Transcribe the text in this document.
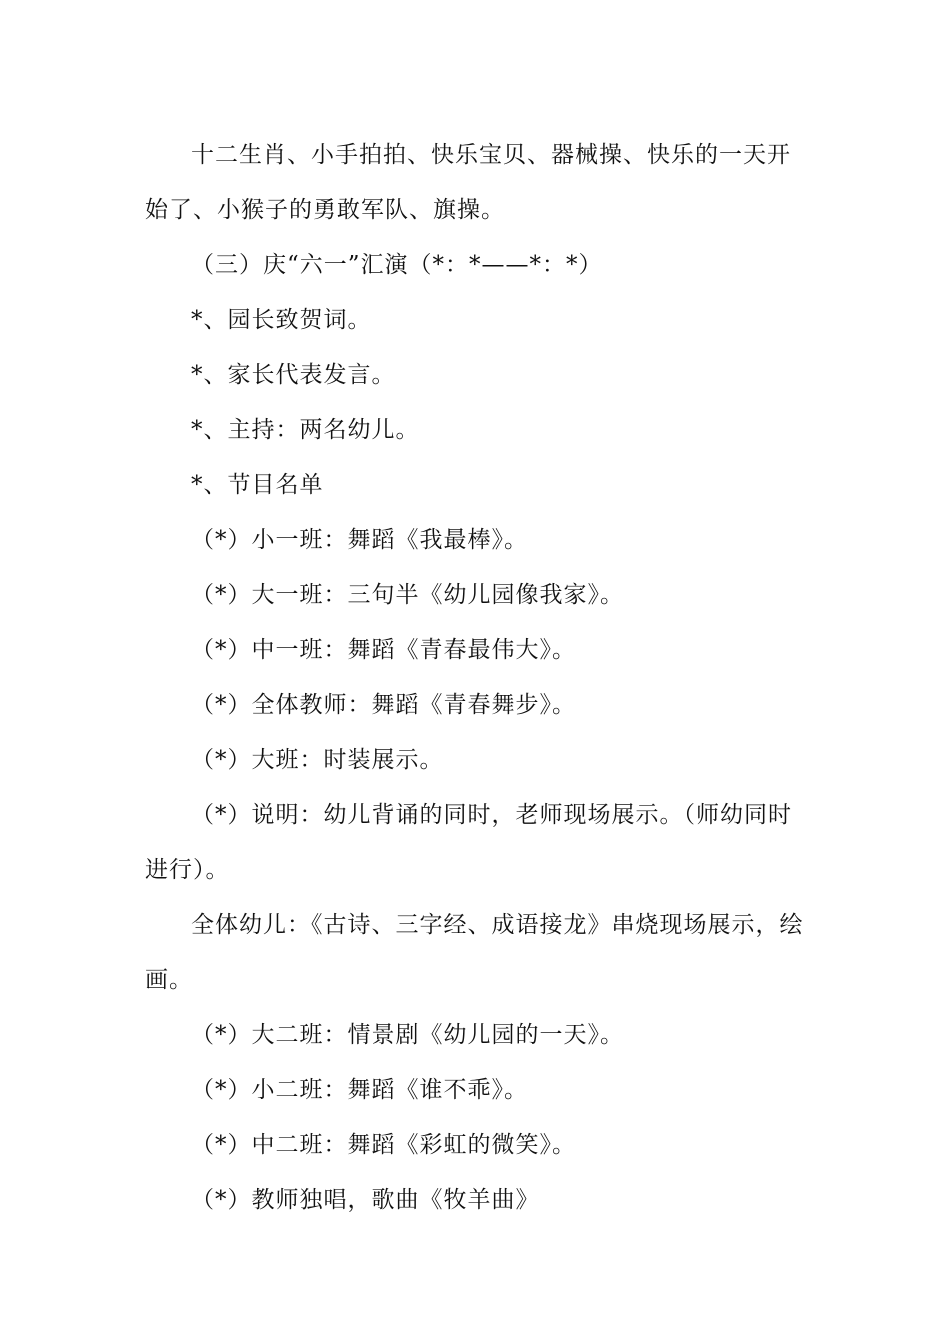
十二生肖、小手拍拍、快乐宝贝、器械操、快乐的一天开始了、小猴子的勇敢军队、旗操。

（三）庆“六一”汇演（*：*——*：*）

*、园长致贺词。

*、家长代表发言。

*、主持：两名幼儿。

*、节目名单

（*）小一班：舞蹈《我最棒》。

（*）大一班：三句半《幼儿园像我家》。

（*）中一班：舞蹈《青春最伟大》。

（*）全体教师：舞蹈《青春舞步》。

（*）大班：时装展示。

（*）说明：幼儿背诵的同时，老师现场展示。（师幼同时进行）。

全体幼儿：《古诗、三字经、成语接龙》串烧现场展示，绘画。

（*）大二班：情景剧《幼儿园的一天》。

（*）小二班：舞蹈《谁不乖》。

（*）中二班：舞蹈《彩虹的微笑》。

（*）教师独唱，歌曲《牧羊曲》
